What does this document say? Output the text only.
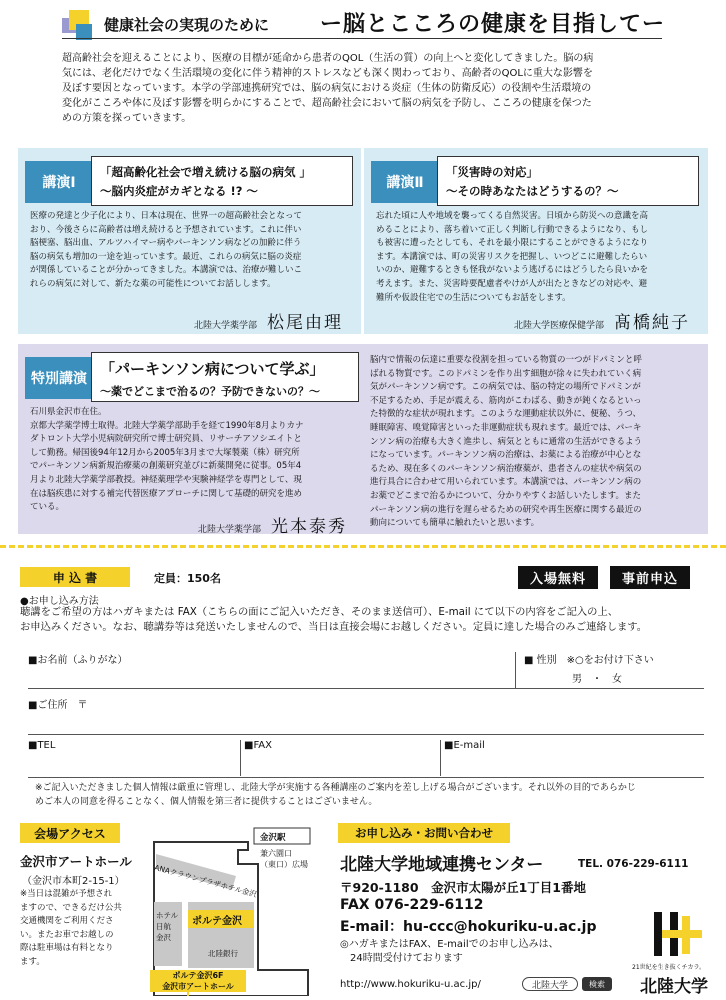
健康社会の実現のために ー脳とこころの健康を目指してー

超高齢社会を迎えることにより、医療の目標が延命から患者のQOL（生活の質）の向上へと変化してきました。脳の病
気には、老化だけでなく生活環境の変化に伴う精神的ストレスなども深く関わっており、高齢者のQOLに重大な影響を
及ぼす要因となっています。本学の学部連携研究では、脳の病気における炎症（生体の防衛反応）の役割や生活環境の
変化がこころや体に及ぼす影響を明らかにすることで、超高齢社会において脳の病気を予防し、こころの健康を保つた
めの方策を探っていきます。

講演Ⅰ

「超高齢化社会で増え続ける脳の病気 」
〜脳内炎症がカギとなる !? 〜

医療の発達と少子化により、日本は現在、世界一の超高齢社会となって
おり、今後さらに高齢者は増え続けると予想されています。これに伴い
脳梗塞、脳出血、アルツハイマー病やパーキンソン病などの加齢に伴う
脳の病気も増加の一途を辿っています。最近、これらの病気に脳の炎症
が関係していることが分かってきました。本講演では、治療が難しいこ
れらの病気に対して、新たな薬の可能性についてお話しします。

北陸大学薬学部 松尾由理
講演Ⅱ

「災害時の対応」
〜その時あなたはどうするの？〜

忘れた頃に人や地域を襲ってくる自然災害。日頃から防災への意識を高
めることにより、落ち着いて正しく判断し行動できるようになり、もし
も被害に遭ったとしても、それを最小限にすることができるようになり
ます。本講演では、町の災害リスクを把握し、いつどこに避難したらい
いのか、避難するときも怪我がないよう逃げるにはどうしたら良いかを
考えます。また、災害時要配慮者やけが人が出たときなどの対応や、避
難所や仮設住宅での生活についてもお話をします。

北陸大学医療保健学部 髙橋純子
特別講演
「パーキンソン病について学ぶ」
〜薬でどこまで治るの？予防できないの？〜

石川県金沢市在住。
京都大学薬学博士取得。北陸大学薬学部助手を経て1990年8月よりカナ
ダトロント大学小児病院研究所で博士研究員、リサーチアソシエイトと
して勤務。帰国後94年12月から2005年3月まで大塚製薬（株）研究所
でパーキンソン病新規治療薬の創薬研究並びに新薬開発に従事。05年4
月より北陸大学薬学部教授。神経薬理学や実験神経学を専門として、現
在は脳疾患に対する補完代替医療アプローチに関して基礎的研究を進め
ている。

北陸大学薬学部 光本泰秀

脳内で情報の伝達に重要な役割を担っている物質の一つがドパミンと呼
ばれる物質です。このドパミンを作り出す細胞が徐々に失われていく病
気がパーキンソン病です。この病気では、脳の特定の場所でドパミンが
不足するため、手足が震える、筋肉がこわばる、動きが鈍くなるといっ
た特徴的な症状が現れます。このような運動症状以外に、便秘、うつ、
睡眠障害、嗅覚障害といった非運動症状も現れます。最近では、パーキ
ンソン病の治療も大きく進歩し、病気とともに通常の生活ができるよう
になっています。パーキンソン病の治療は、お薬による治療が中心とな
るため、現在多くのパーキンソン病治療薬が、患者さんの症状や病気の
進行具合に合わせて用いられています。本講演では、パーキンソン病の
お薬でどこまで治るかについて、分かりやすくお話しいたします。また
パーキンソン病の進行を遅らせるための研究や再生医療に関する最近の
動向についても簡単に触れたいと思います。

申 込 書	定員：150名	入場無料	事前申込
●お申し込み方法

聴講をご希望の方はハガキまたは FAX（こちらの面にご記入いただき、そのまま送信可）、E-mail にて以下の内容をご記入の上、
お申込みください。なお、聴講券等は発送いたしませんので、当日は直接会場にお越しください。定員に達した場合のみご連絡します。

■お名前（ふりがな）	■ 性別　※○をお付け下さい
男　・　女
■ご住所　〒
■TEL	■FAX	■E-mail

※ご記入いただきました個人情報は厳重に管理し、北陸大学が実施する各種講座のご案内を差し上げる場合がございます。それ以外の目的であらかじ
めご本人の同意を得ることなく、個人情報を第三者に提供することはございません。

会場アクセス
金沢市アートホール
（金沢市本町2-15-1）

※当日は混雑が予想され
ますので、できるだけ公共
交通機関をご利用くださ
い。またお車でお越しの
際は駐車場は有料となり
ます。

金沢駅

兼六園口
（東口）広場

ANAクラウンプラザホテル金沢

ホテル
日航
金沢

ポルテ金沢
北陸銀行

ポルテ金沢6F
金沢市アートホール

お申し込み・お問い合わせ
北陸大学地域連携センター	TEL. 076-229-6111
〒920-1180　金沢市太陽が丘1丁目1番地
FAX 076-229-6112
E-mail：hu-ccc@hokuriku-u.ac.jp

◎ハガキまたはFAX、E-mailでのお申し込みは、
　24時間受付けております

http://www.hokuriku-u.ac.jp/	北陸大学	検索
21世紀を生き抜くチカラ。
北陸大学
